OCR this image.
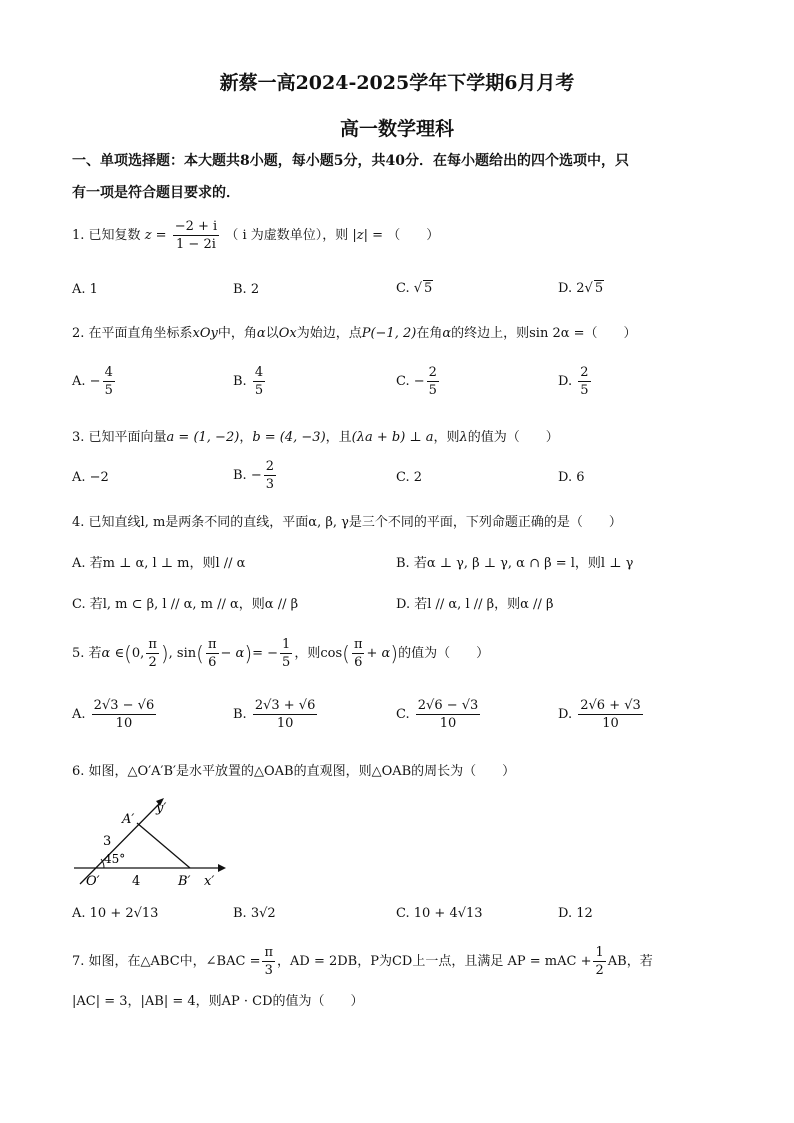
新蔡一高2024-2025学年下学期6月月考
高一数学理科
一、单项选择题：本大题共8小题，每小题5分，共40分．在每小题给出的四个选项中，只
有一项是符合题目要求的．
1. 已知复数 $z = \frac{-2 + i}{1 - 2i}$ （ i 为虚数单位），则 |z| = （　　）
A. 1	B. 2	C. √ 5	D. 2√ 5
2. 在平面直角坐标系xOy中，角α以Ox为始边，点P(−1, 2)在角α的终边上，则sin 2α =（　　）
A. − $\frac{4}{5}$	B. $\frac{4}{5}$	C. − $\frac{2}{5}$	D. $\frac{2}{5}$
3. 已知平面向量a = (1, −2)，b = (4, −3)，且(λa + b) ⊥ a，则λ的值为（　　）
A. −2	B. − $\frac{2}{3}$	C. 2	D. 6
4. 已知直线l, m是两条不同的直线，平面α, β, γ是三个不同的平面，下列命题正确的是（　　）
A. 若m ⊥ α, l ⊥ m，则l // α	B. 若α ⊥ γ, β ⊥ γ, α ∩ β = l，则l ⊥ γ
C. 若l, m ⊂ β, l // α, m // α，则α // β	D. 若l // α, l // β，则α // β
5. 若α ∈(0, $\frac{\pi}{2}$ ), $\sin( \frac{\pi}{6} - \alpha)= - \frac{1}{5}$ ，则$\cos( \frac{\pi}{6} + \alpha)$的值为（　　）
A. $\frac{2√3 - √6}{10}$	B. $\frac{2√3 + √6}{10}$	C. $\frac{2√6 - √3}{10}$	D. $\frac{2√6 + √3}{10}$
6. 如图，△O′A′B′是水平放置的△OAB的直观图，则△OAB的周长为（　　）
A′
y′
3
45°
O′ 4	B′ x′
A. 10 + 2√13	B. 3√2	C. 10 + 4√13	D. 12
7. 如图，在△ABC中，∠BAC = $\frac{\pi}{3}$ ，AD = 2DB，P为CD上一点，且满足 AP = mAC + $\frac{1}{2}$ AB，若
|AC| = 3，|AB| = 4，则AP · CD的值为（　　）
